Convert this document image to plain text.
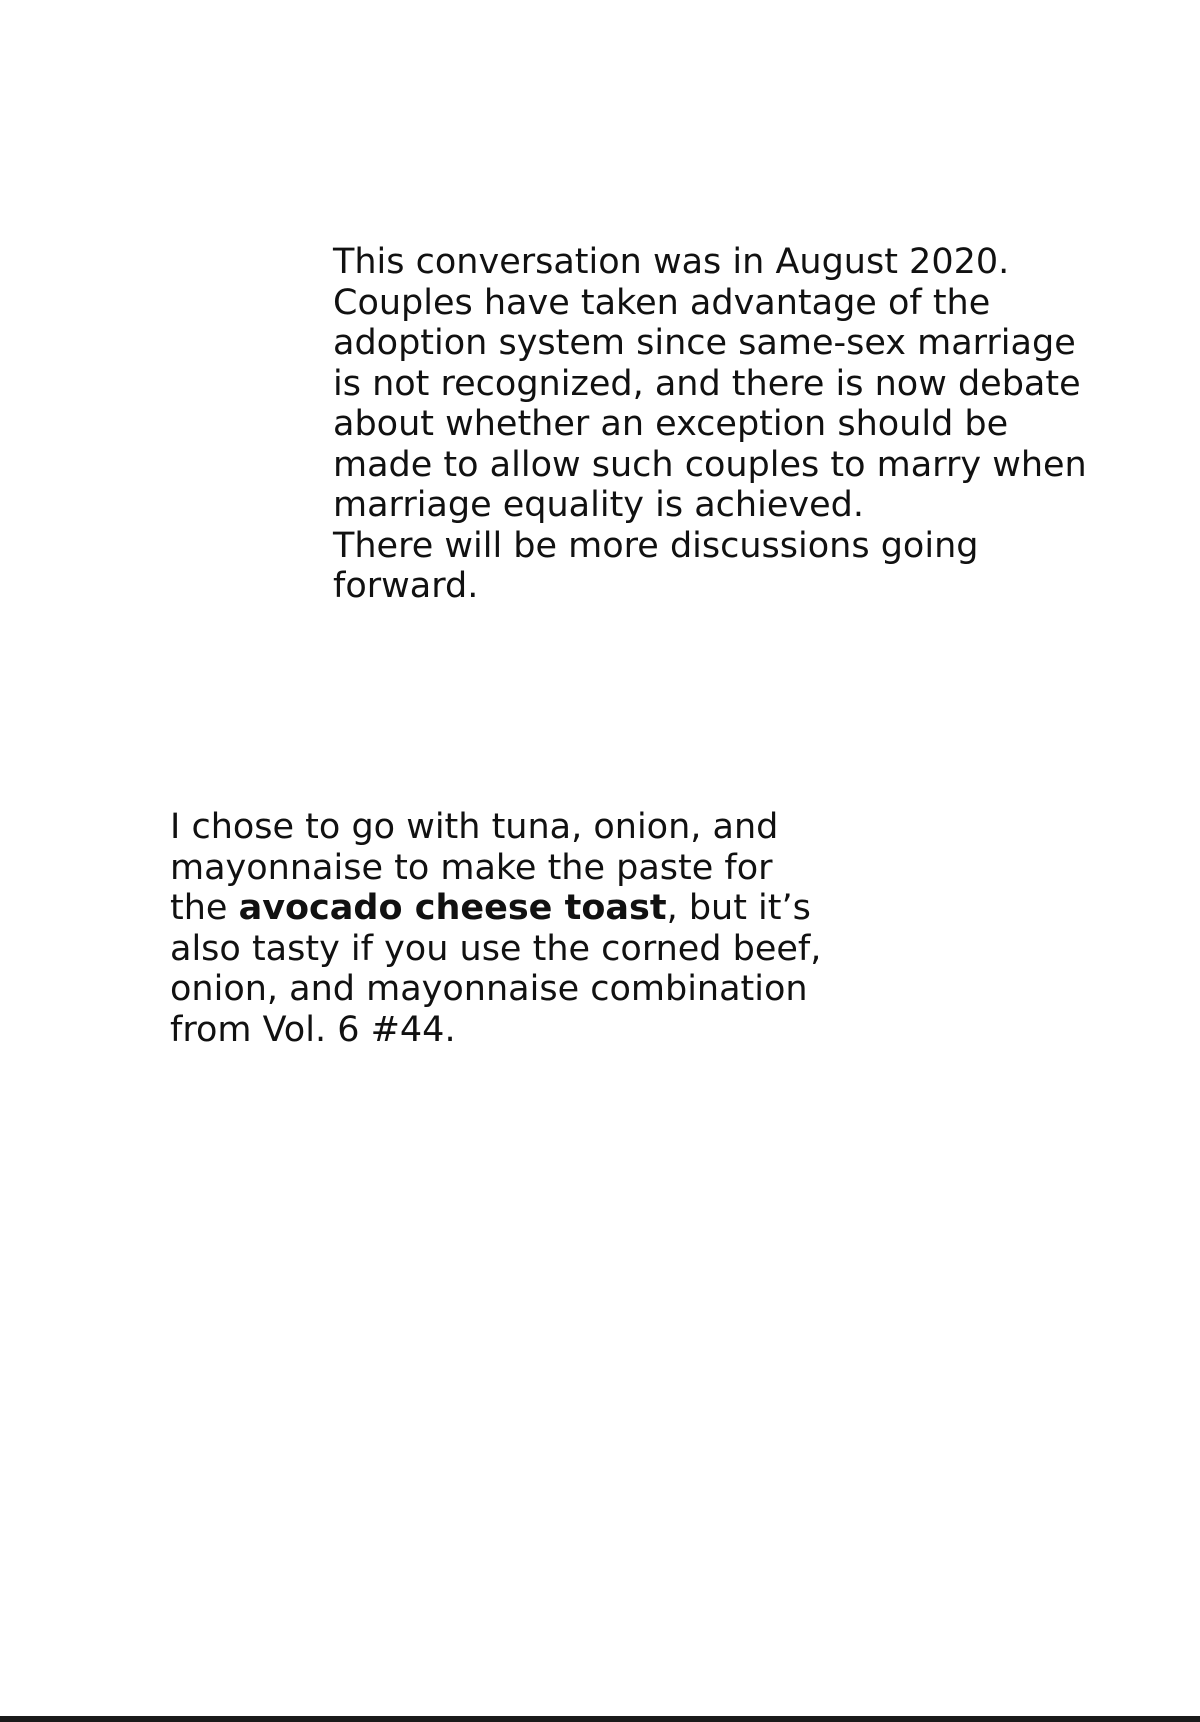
This conversation was in August 2020.
Couples have taken advantage of the
adoption system since same-sex marriage
is not recognized, and there is now debate
about whether an exception should be
made to allow such couples to marry when
marriage equality is achieved.
There will be more discussions going
forward.
I chose to go with tuna, onion, and
mayonnaise to make the paste for
the avocado cheese toast, but it’s
also tasty if you use the corned beef,
onion, and mayonnaise combination
from Vol. 6 #44.
